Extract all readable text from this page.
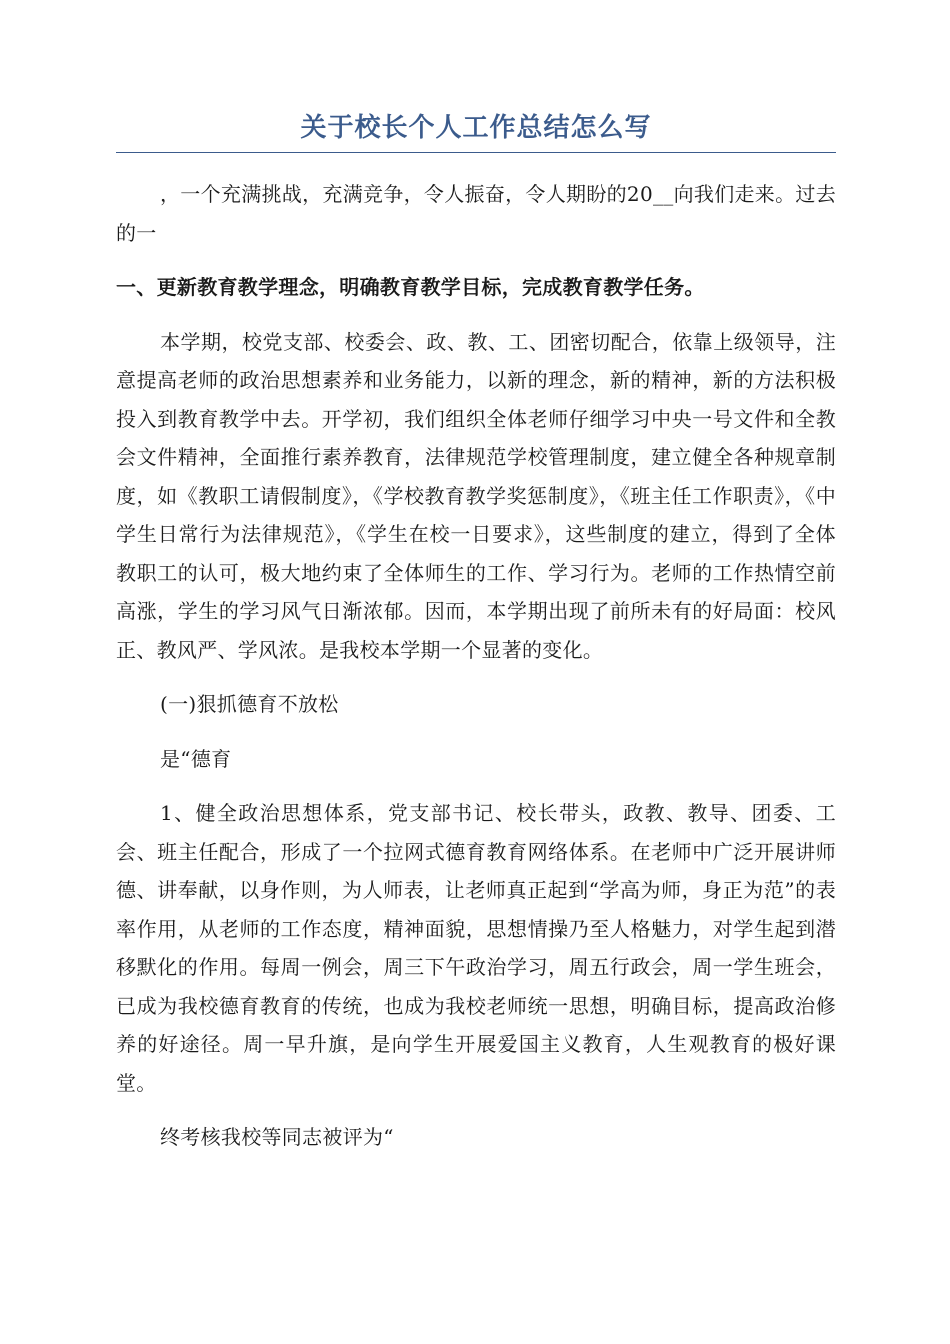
关于校长个人工作总结怎么写

，一个充满挑战，充满竞争，令人振奋，令人期盼的20__向我们走来。过去的一

一、更新教育教学理念，明确教育教学目标，完成教育教学任务。

本学期，校党支部、校委会、政、教、工、团密切配合，依靠上级领导，注意提高老师的政治思想素养和业务能力，以新的理念，新的精神，新的方法积极投入到教育教学中去。开学初，我们组织全体老师仔细学习中央一号文件和全教会文件精神，全面推行素养教育，法律规范学校管理制度，建立健全各种规章制度，如《教职工请假制度》，《学校教育教学奖惩制度》，《班主任工作职责》，《中学生日常行为法律规范》，《学生在校一日要求》，这些制度的建立，得到了全体教职工的认可，极大地约束了全体师生的工作、学习行为。老师的工作热情空前高涨，学生的学习风气日渐浓郁。因而，本学期出现了前所未有的好局面：校风正、教风严、学风浓。是我校本学期一个显著的变化。

(一)狠抓德育不放松

是“德育

1、健全政治思想体系，党支部书记、校长带头，政教、教导、团委、工会、班主任配合，形成了一个拉网式德育教育网络体系。在老师中广泛开展讲师德、讲奉献，以身作则，为人师表，让老师真正起到“学高为师，身正为范”的表率作用，从老师的工作态度，精神面貌，思想情操乃至人格魅力，对学生起到潜移默化的作用。每周一例会，周三下午政治学习，周五行政会，周一学生班会，已成为我校德育教育的传统，也成为我校老师统一思想，明确目标，提高政治修养的好途径。周一早升旗，是向学生开展爱国主义教育，人生观教育的极好课堂。

终考核我校等同志被评为“
